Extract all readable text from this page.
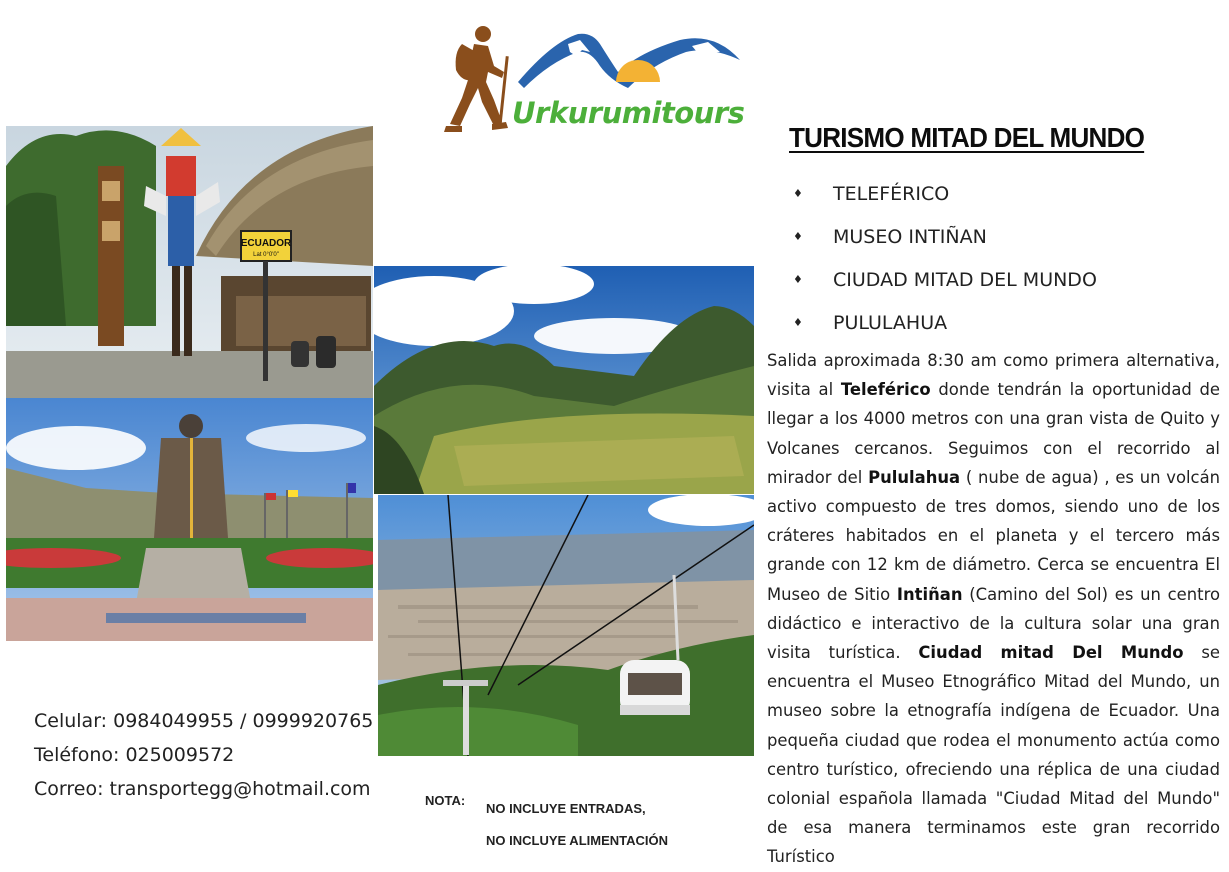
Urkurumitours
TURISMO MITAD DEL MUNDO
♦	TELEFÉRICO
♦	MUSEO INTIÑAN
♦	CIUDAD MITAD DEL MUNDO
♦	PULULAHUA

Salida aproximada 8:30 am como primera alternativa, visita al Teleférico donde tendrán la oportunidad de llegar a los 4000 metros con una gran vista de Quito y Volcanes cercanos. Seguimos con el recorrido al mirador del Pululahua ( nube de agua) , es un volcán activo compuesto de tres domos, siendo uno de los cráteres habitados en el planeta y el tercero más grande con 12 km de diámetro. Cerca se encuentra El Museo de Sitio Intiñan (Camino del Sol) es un centro didáctico e interactivo de la cultura solar una gran visita turística. Ciudad mitad Del Mundo se encuentra el Museo Etnográfico Mitad del Mundo, un museo sobre la etnografía indígena de Ecuador. Una pequeña ciudad que rodea el monumento actúa como centro turístico, ofreciendo una réplica de una ciudad colonial española llamada "Ciudad Mitad del Mundo" de esa manera terminamos este gran recorrido Turístico

ECUADOR
Lat 0°0'0"
Celular: 0984049955 / 0999920765
Teléfono: 025009572
Correo: transportegg@hotmail.com
NOTA:
NO INCLUYE ENTRADAS,
NO INCLUYE ALIMENTACIÓN
